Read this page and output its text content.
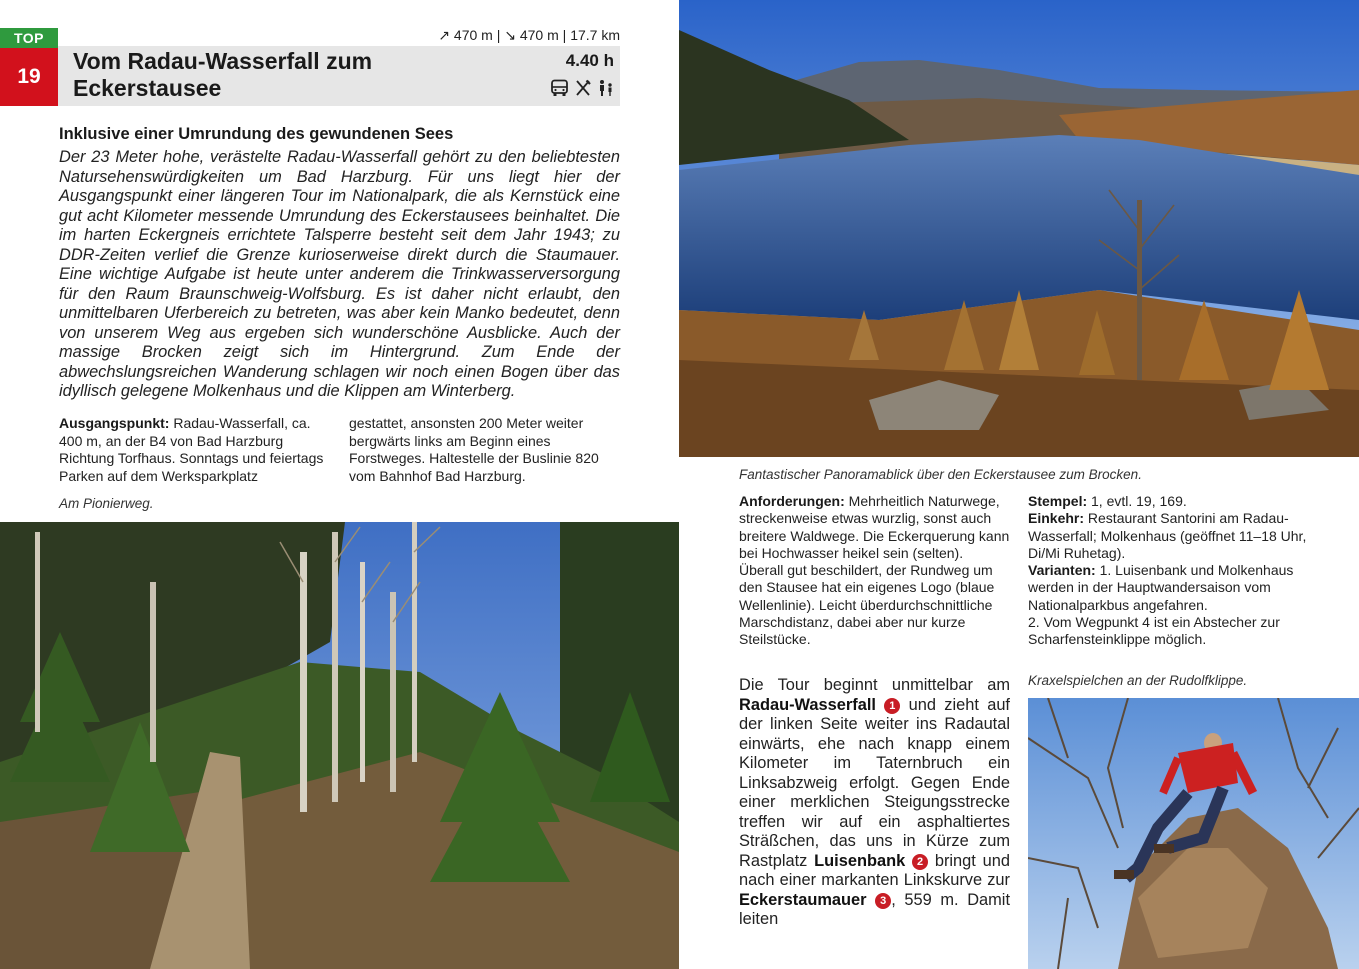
TOP
19
↗ 470 m | ↘ 470 m | 17.7 km
Vom Radau-Wasserfall zum Eckerstausee
4.40 h
Inklusive einer Umrundung des gewundenen Sees
Der 23 Meter hohe, verästelte Radau-Wasserfall gehört zu den beliebtesten Natursehenswürdigkeiten um Bad Harzburg. Für uns liegt hier der Ausgangspunkt einer längeren Tour im Nationalpark, die als Kernstück eine gut acht Kilometer messende Umrundung des Eckerstausees beinhaltet. Die im harten Eckergneis errichtete Talsperre besteht seit dem Jahr 1943; zu DDR-Zeiten verlief die Grenze kurioserweise direkt durch die Staumauer. Eine wichtige Aufgabe ist heute unter anderem die Trinkwasserversorgung für den Raum Braunschweig-Wolfsburg. Es ist daher nicht erlaubt, den unmittelbaren Uferbereich zu betreten, was aber kein Manko bedeutet, denn von unserem Weg aus ergeben sich wunderschöne Ausblicke. Auch der massige Brocken zeigt sich im Hintergrund. Zum Ende der abwechslungsreichen Wanderung schlagen wir noch einen Bogen über das idyllisch gelegene Molkenhaus und die Klippen am Winterberg.
Ausgangspunkt: Radau-Wasserfall, ca. 400 m, an der B4 von Bad Harzburg Richtung Torfhaus. Sonntags und feiertags Parken auf dem Werksparkplatz
gestattet, ansonsten 200 Meter weiter bergwärts links am Beginn eines Forstweges. Haltestelle der Buslinie 820 vom Bahnhof Bad Harzburg.
Am Pionierweg.
Fantastischer Panoramablick über den Eckerstausee zum Brocken.
Anforderungen: Mehrheitlich Naturwege, streckenweise etwas wurzlig, sonst auch breitere Waldwege. Die Eckerquerung kann bei Hochwasser heikel sein (selten). Überall gut beschildert, der Rundweg um den Stausee hat ein eigenes Logo (blaue Wellenlinie). Leicht überdurchschnittliche Marschdistanz, dabei aber nur kurze Steilstücke.
Stempel: 1, evtl. 19, 169.
Einkehr: Restaurant Santorini am Radau-Wasserfall; Molkenhaus (geöffnet 11–18 Uhr, Di/Mi Ruhetag).
Varianten: 1. Luisenbank und Molkenhaus werden in der Hauptwandersaison vom Nationalparkbus angefahren.
2. Vom Wegpunkt 4 ist ein Abstecher zur Scharfensteinklippe möglich.
Die Tour beginnt unmittelbar am Radau-Wasserfall 1 und zieht auf der linken Seite weiter ins Radautal einwärts, ehe nach knapp einem Kilometer im Taternbruch ein Linksabzweig erfolgt. Gegen Ende einer merklichen Steigungsstrecke treffen wir auf ein asphaltiertes Sträßchen, das uns in Kürze zum Rastplatz Luisenbank 2 bringt und nach einer markanten Linkskurve zur Eckerstaumauer 3 , 559 m. Damit leiten
Kraxelspielchen an der Rudolfklippe.
